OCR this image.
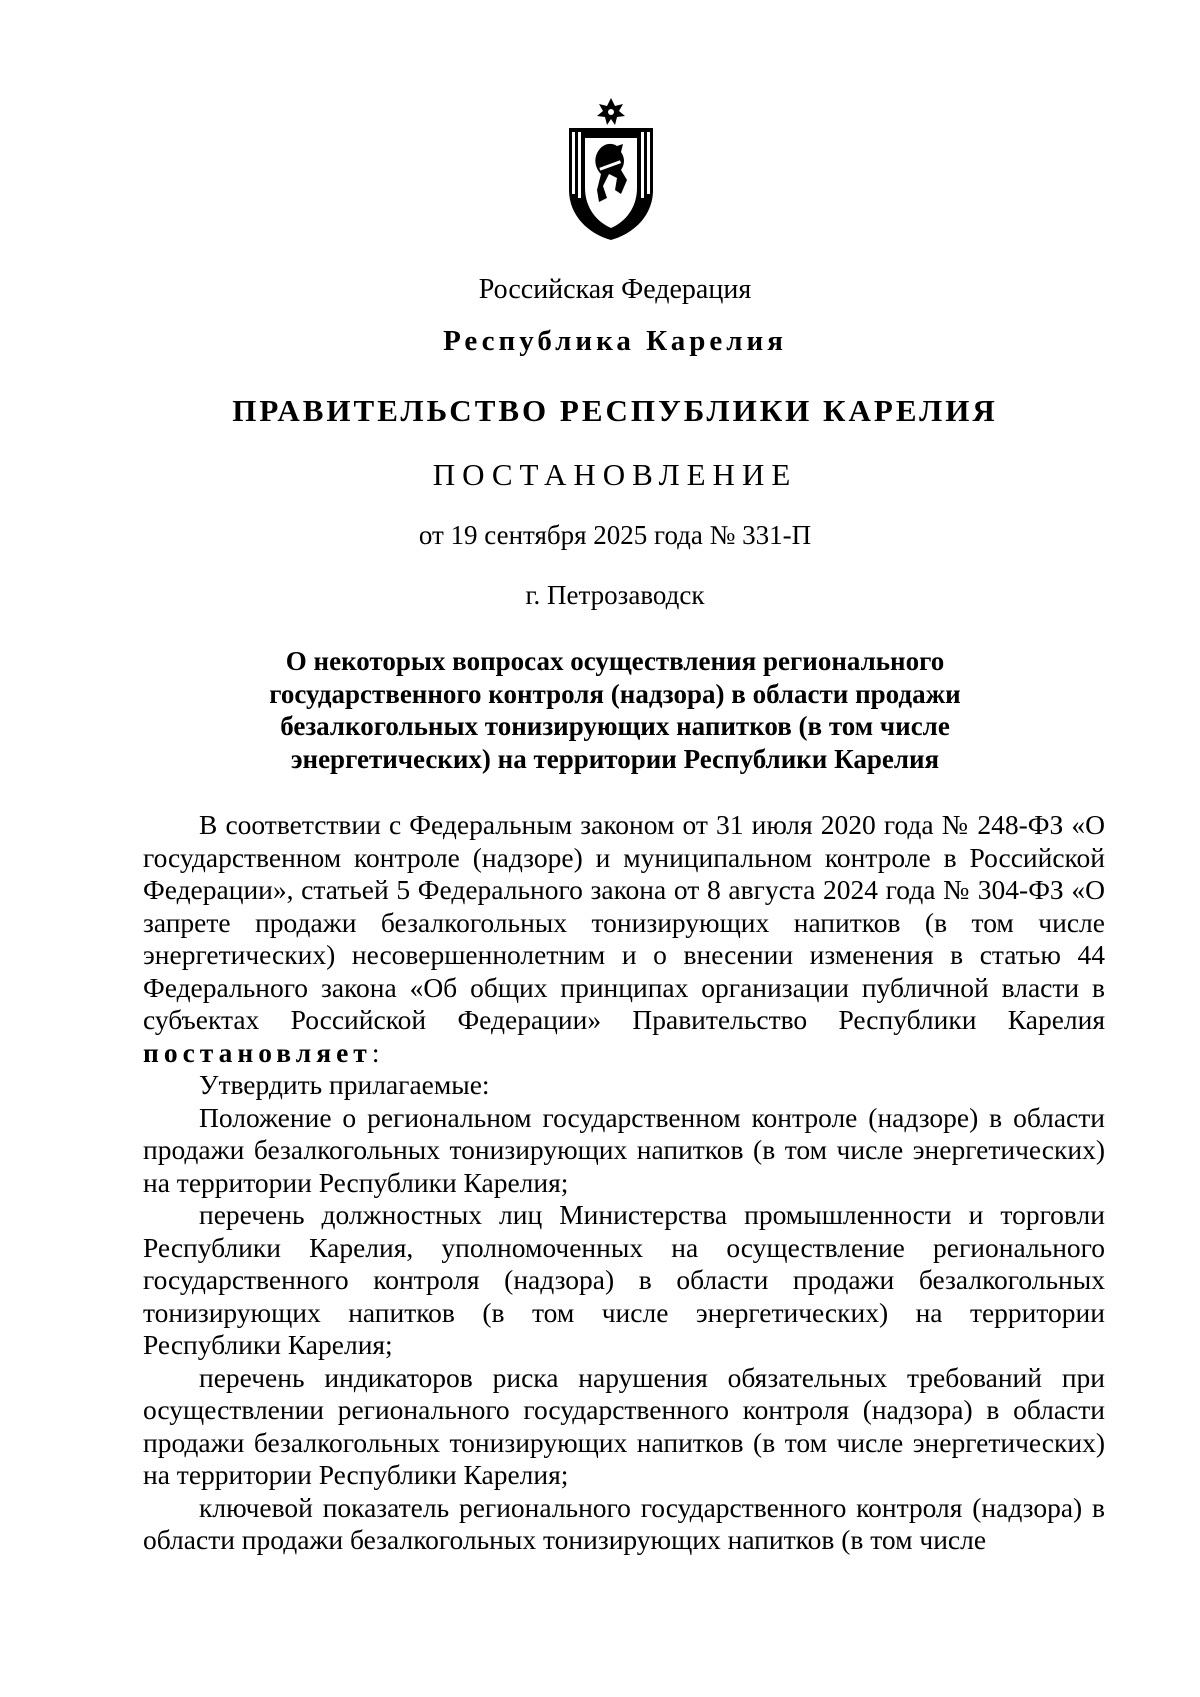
Российская Федерация
Республика Карелия
ПРАВИТЕЛЬСТВО РЕСПУБЛИКИ КАРЕЛИЯ
ПОСТАНОВЛЕНИЕ
от 19 сентября 2025 года № 331-П
г. Петрозаводск
О некоторых вопросах осуществления регионального
государственного контроля (надзора) в области продажи
безалкогольных тонизирующих напитков (в том числе
энергетических) на территории Республики Карелия

В соответствии с Федеральным законом от 31 июля 2020 года № 248-ФЗ «О государственном контроле (надзоре) и муниципальном контроле в Российской Федерации», статьей 5 Федерального закона от 8 августа 2024 года № 304-ФЗ «О запрете продажи безалкогольных тонизирующих напитков (в том числе энергетических) несовершеннолетним и о внесении изменения в статью 44 Федерального закона «Об общих принципах организации публичной власти в субъектах Российской Федерации» Правительство Республики Карелия постановляет:

Утвердить прилагаемые:

Положение о региональном государственном контроле (надзоре) в области продажи безалкогольных тонизирующих напитков (в том числе энергетических) на территории Республики Карелия;

перечень должностных лиц Министерства промышленности и торговли Республики Карелия, уполномоченных на осуществление регионального государственного контроля (надзора) в области продажи безалкогольных тонизирующих напитков (в том числе энергетических) на территории Республики Карелия;

перечень индикаторов риска нарушения обязательных требований при осуществлении регионального государственного контроля (надзора) в области продажи безалкогольных тонизирующих напитков (в том числе энергетических) на территории Республики Карелия;

ключевой показатель регионального государственного контроля (надзора) в области продажи безалкогольных тонизирующих напитков (в том числе
